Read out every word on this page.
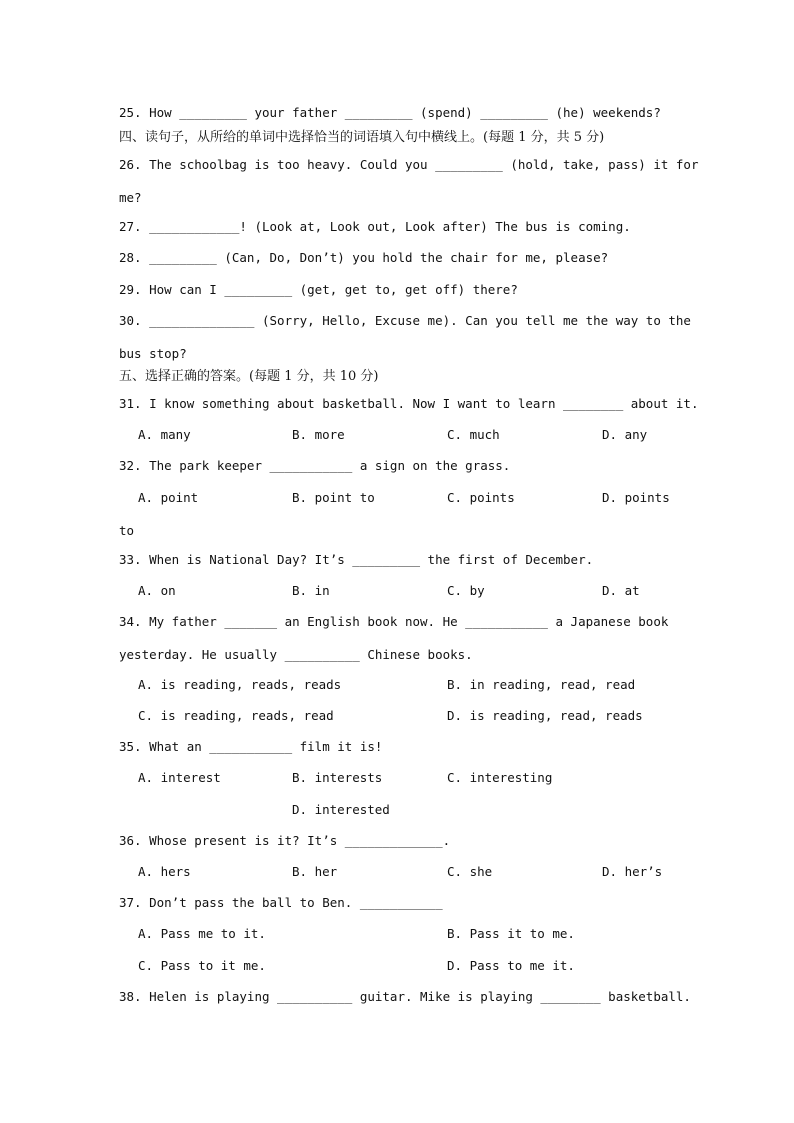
25. How _________ your father _________ (spend) _________ (he) weekends?
四、读句子，从所给的单词中选择恰当的词语填入句中横线上。(每题 1 分，共 5 分)
26. The schoolbag is too heavy. Could you _________ (hold, take, pass) it for
me?
27. ____________! (Look at, Look out, Look after) The bus is coming.
28. _________ (Can, Do, Don’t) you hold the chair for me, please?
29. How can I _________ (get, get to, get off) there?
30. ______________ (Sorry, Hello, Excuse me). Can you tell me the way to the
bus stop?
五、选择正确的答案。(每题 1 分，共 10 分)
31. I know something about basketball. Now I want to learn ________ about it.
A. many	B. more	C. much	D. any
32. The park keeper ___________ a sign on the grass.
A. point	B. point to	C. points	D. points
to
33. When is National Day? It’s _________ the first of December.
A. on	B. in	C. by	D. at
34. My father _______ an English book now. He ___________ a Japanese book
yesterday. He usually __________ Chinese books.
A. is reading, reads, reads	B. in reading, read, read
C. is reading, reads, read	D. is reading, read, reads
35. What an ___________ film it is!
A. interest	B. interests	C. interesting
D. interested
36. Whose present is it? It’s _____________.
A. hers	B. her	C. she	D. her’s
37. Don’t pass the ball to Ben. ___________
A. Pass me to it.	B. Pass it to me.
C. Pass to it me.	D. Pass to me it.
38. Helen is playing __________ guitar. Mike is playing ________ basketball.
